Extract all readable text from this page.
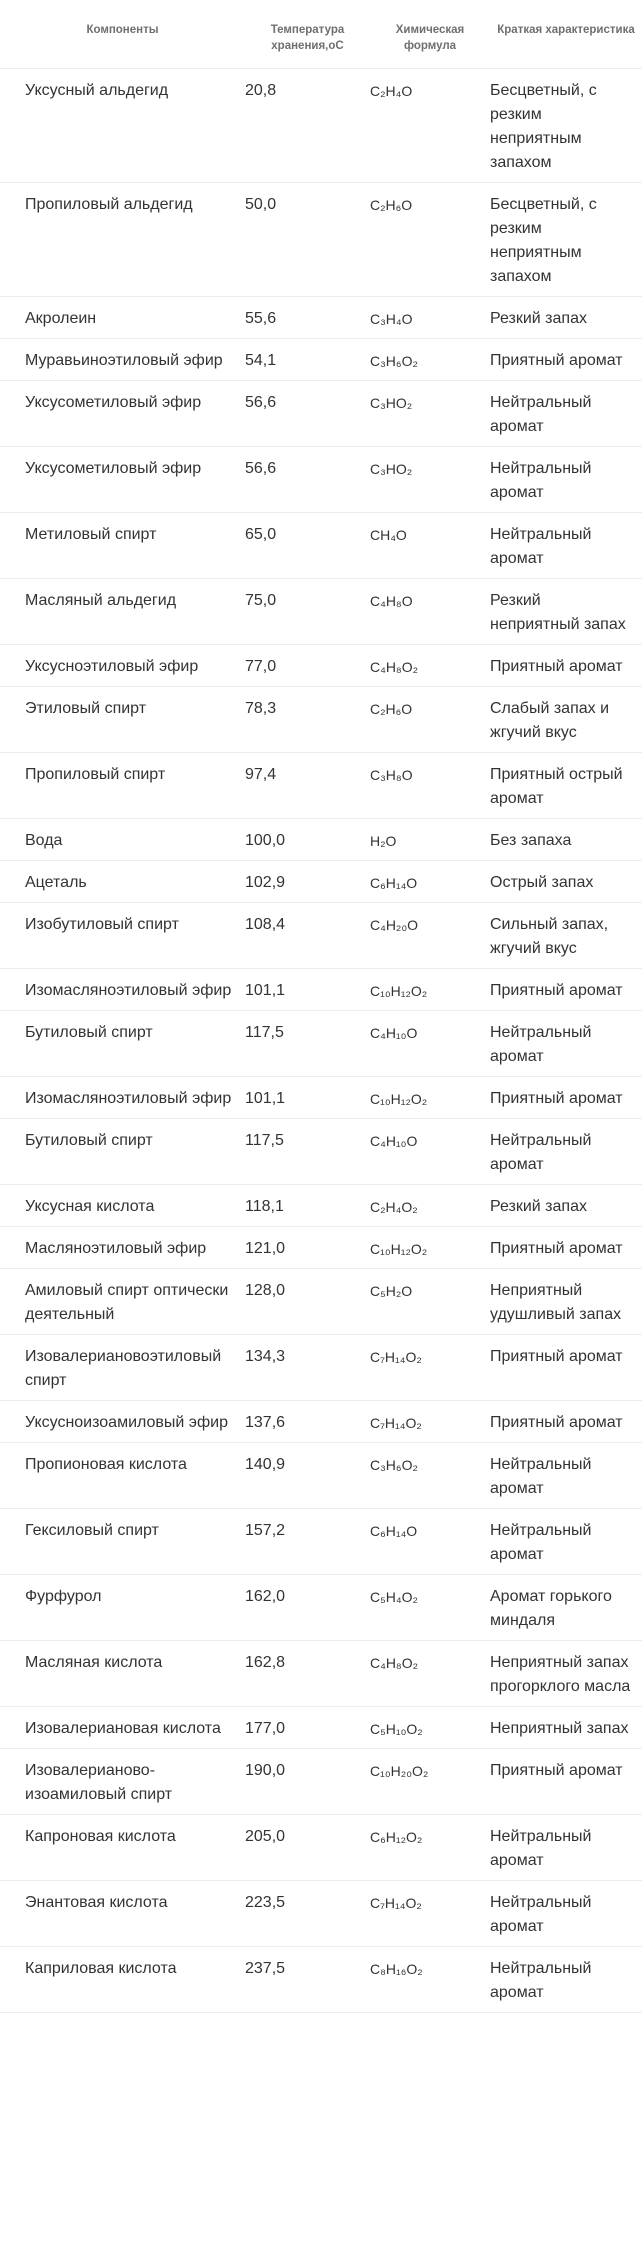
Компоненты	Температура хранения,оС	Химическая формула	Краткая характеристика
Уксусный альдегид	20,8	C₂H₄O	Бесцветный, с резким неприятным запахом
Пропиловый альдегид	50,0	C₂H₆O	Бесцветный, с резким неприятным запахом
Акролеин	55,6	C₃H₄O	Резкий запах
Муравьиноэтиловый эфир	54,1	C₃H₆O₂	Приятный аромат
Уксусометиловый эфир	56,6	C₃HO₂	Нейтральный аромат
Уксусометиловый эфир	56,6	C₃HO₂	Нейтральный аромат
Метиловый спирт	65,0	CH₄O	Нейтральный аромат
Масляный альдегид	75,0	C₄H₈O	Резкий неприятный запах
Уксусноэтиловый эфир	77,0	C₄H₈O₂	Приятный аромат
Этиловый спирт	78,3	C₂H₆O	Слабый запах и жгучий вкус
Пропиловый спирт	97,4	C₃H₈O	Приятный острый аромат
Вода	100,0	H₂O	Без запаха
Ацеталь	102,9	C₆H₁₄O	Острый запах
Изобутиловый спирт	108,4	C₄H₂₀O	Сильный запах, жгучий вкус
Изомасляноэтиловый эфир	101,1	C₁₀H₁₂O₂	Приятный аромат
Бутиловый спирт	117,5	C₄H₁₀O	Нейтральный аромат
Изомасляноэтиловый эфир	101,1	C₁₀H₁₂O₂	Приятный аромат
Бутиловый спирт	117,5	C₄H₁₀O	Нейтральный аромат
Уксусная кислота	118,1	C₂H₄O₂	Резкий запах
Масляноэтиловый эфир	121,0	C₁₀H₁₂O₂	Приятный аромат
Амиловый спирт оптически деятельный	128,0	C₅H₂O	Неприятный удушливый запах
Изовалериановоэтиловый спирт	134,3	C₇H₁₄O₂	Приятный аромат
Уксусноизоамиловый эфир	137,6	C₇H₁₄O₂	Приятный аромат
Пропионовая кислота	140,9	C₃H₆O₂	Нейтральный аромат
Гексиловый спирт	157,2	C₆H₁₄O	Нейтральный аромат
Фурфурол	162,0	C₅H₄O₂	Аромат горького миндаля
Масляная кислота	162,8	C₄H₈O₂	Неприятный запах прогорклого масла
Изовалериановая кислота	177,0	C₅H₁₀O₂	Неприятный запах
Изовалерианово-изоамиловый спирт	190,0	C₁₀H₂₀O₂	Приятный аромат
Капроновая кислота	205,0	C₆H₁₂O₂	Нейтральный аромат
Энантовая кислота	223,5	C₇H₁₄O₂	Нейтральный аромат
Каприловая кислота	237,5	C₈H₁₆O₂	Нейтральный аромат
